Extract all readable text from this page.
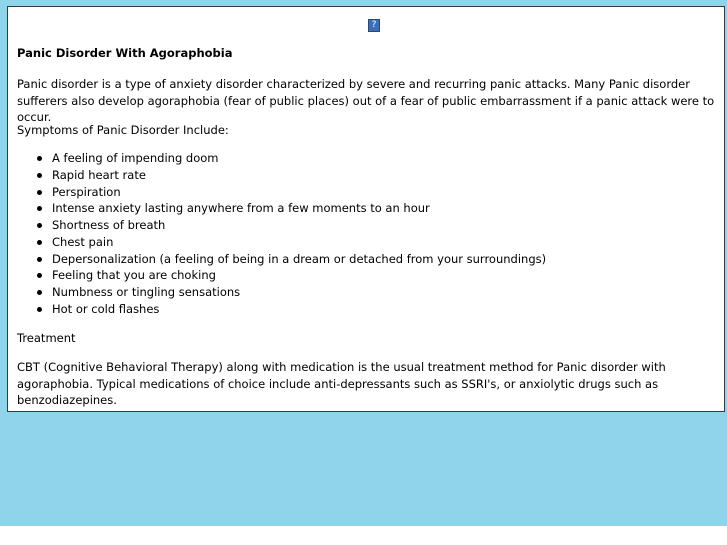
?
Panic Disorder With Agoraphobia
Panic disorder is a type of anxiety disorder characterized by severe and recurring panic attacks. Many Panic disorder sufferers also develop agoraphobia (fear of public places) out of a fear of public embarrassment if a panic attack were to occur.
Symptoms of Panic Disorder Include:
A feeling of impending doom
Rapid heart rate
Perspiration
Intense anxiety lasting anywhere from a few moments to an hour
Shortness of breath
Chest pain
Depersonalization (a feeling of being in a dream or detached from your surroundings)
Feeling that you are choking
Numbness or tingling sensations
Hot or cold flashes
Treatment
CBT (Cognitive Behavioral Therapy) along with medication is the usual treatment method for Panic disorder with agoraphobia. Typical medications of choice include anti-depressants such as SSRI's, or anxiolytic drugs such as benzodiazepines.
